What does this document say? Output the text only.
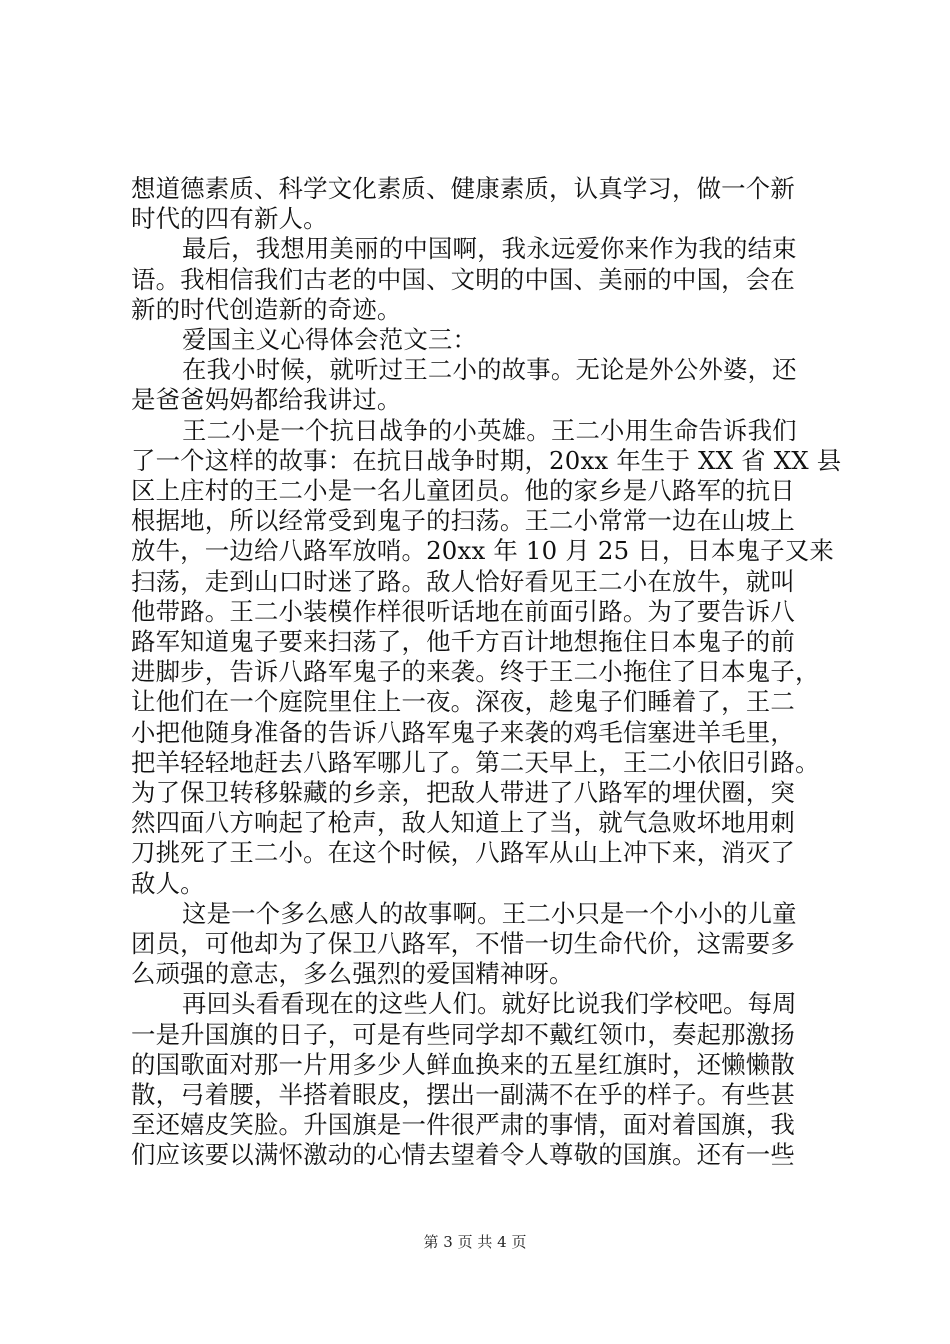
想道德素质、科学文化素质、健康素质，认真学习，做一个新

时代的四有新人。

最后，我想用美丽的中国啊，我永远爱你来作为我的结束

语。我相信我们古老的中国、文明的中国、美丽的中国，会在

新的时代创造新的奇迹。

爱国主义心得体会范文三：

在我小时候，就听过王二小的故事。无论是外公外婆，还

是爸爸妈妈都给我讲过。

王二小是一个抗日战争的小英雄。王二小用生命告诉我们

了一个这样的故事：在抗日战争时期，20xx 年生于 XX 省 XX 县

区上庄村的王二小是一名儿童团员。他的家乡是八路军的抗日

根据地，所以经常受到鬼子的扫荡。王二小常常一边在山坡上

放牛，一边给八路军放哨。20xx 年 10 月 25 日，日本鬼子又来

扫荡，走到山口时迷了路。敌人恰好看见王二小在放牛，就叫

他带路。王二小装模作样很听话地在前面引路。为了要告诉八

路军知道鬼子要来扫荡了，他千方百计地想拖住日本鬼子的前

进脚步，告诉八路军鬼子的来袭。终于王二小拖住了日本鬼子，

让他们在一个庭院里住上一夜。深夜，趁鬼子们睡着了，王二

小把他随身准备的告诉八路军鬼子来袭的鸡毛信塞进羊毛里，

把羊轻轻地赶去八路军哪儿了。第二天早上，王二小依旧引路。

为了保卫转移躲藏的乡亲，把敌人带进了八路军的埋伏圈，突

然四面八方响起了枪声，敌人知道上了当，就气急败坏地用刺

刀挑死了王二小。在这个时候，八路军从山上冲下来，消灭了

敌人。

这是一个多么感人的故事啊。王二小只是一个小小的儿童

团员，可他却为了保卫八路军，不惜一切生命代价，这需要多

么顽强的意志，多么强烈的爱国精神呀。

再回头看看现在的这些人们。就好比说我们学校吧。每周

一是升国旗的日子，可是有些同学却不戴红领巾，奏起那激扬

的国歌面对那一片用多少人鲜血换来的五星红旗时，还懒懒散

散，弓着腰，半搭着眼皮，摆出一副满不在乎的样子。有些甚

至还嬉皮笑脸。升国旗是一件很严肃的事情，面对着国旗，我

们应该要以满怀激动的心情去望着令人尊敬的国旗。还有一些

第 3 页 共 4 页
